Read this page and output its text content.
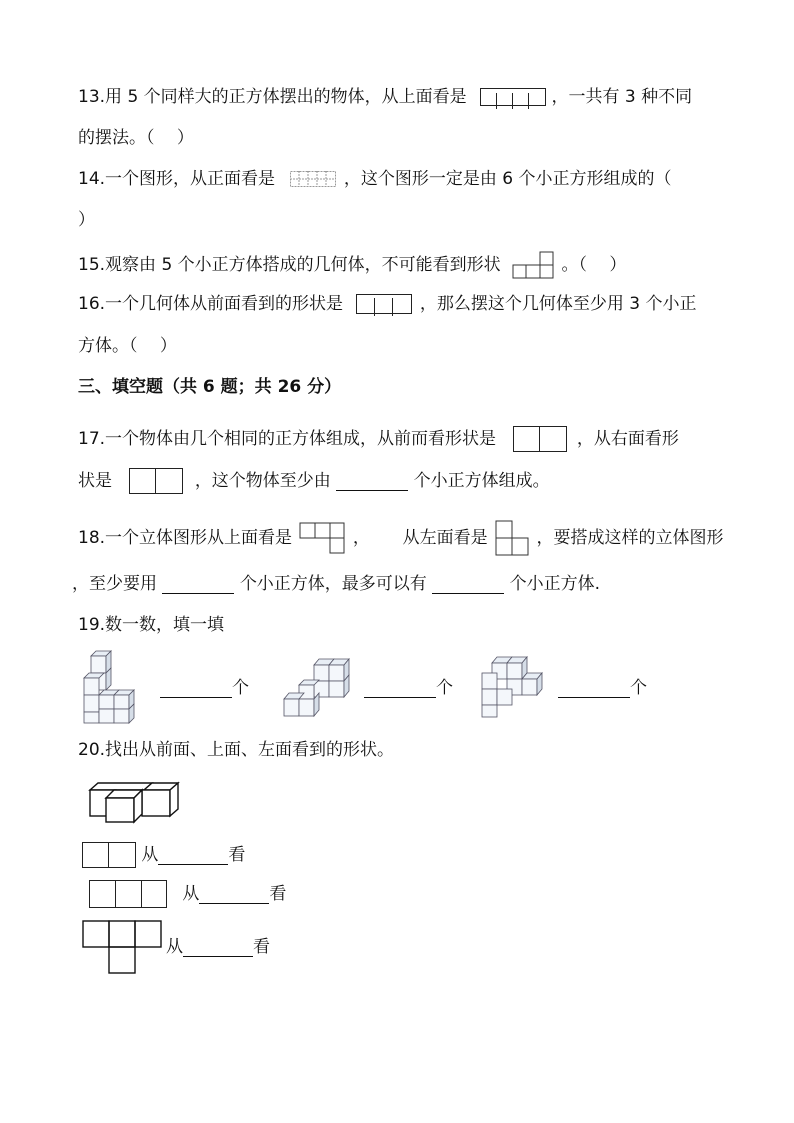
13.用 5 个同样大的正方体摆出的物体，从上面看是	，一共有 3 种不同
的摆法。（　 ）
14.一个图形，从正面看是	，这个图形一定是由 6 个小正方形组成的（
）
15.观察由 5 个小正方体搭成的几何体，不可能看到形状	。（　 ）
16.一个几何体从前面看到的形状是	，那么摆这个几何体至少用 3 个小正
方体。（　 ）
三、填空题（共 6 题；共 26 分）
17.一个物体由几个相同的正方体组成，从前而看形状是	，从右面看形
状是	，这个物体至少由	个小正方体组成。
18.一个立体图形从上面看是	， 从左面看是	，要搭成这样的立体图形
，至少要用	个小正方体，最多可以有	个小正方体.
19.数一数，填一填
个	个	个
20.找出从前面、上面、左面看到的形状。
从	看
从	看
从	看
